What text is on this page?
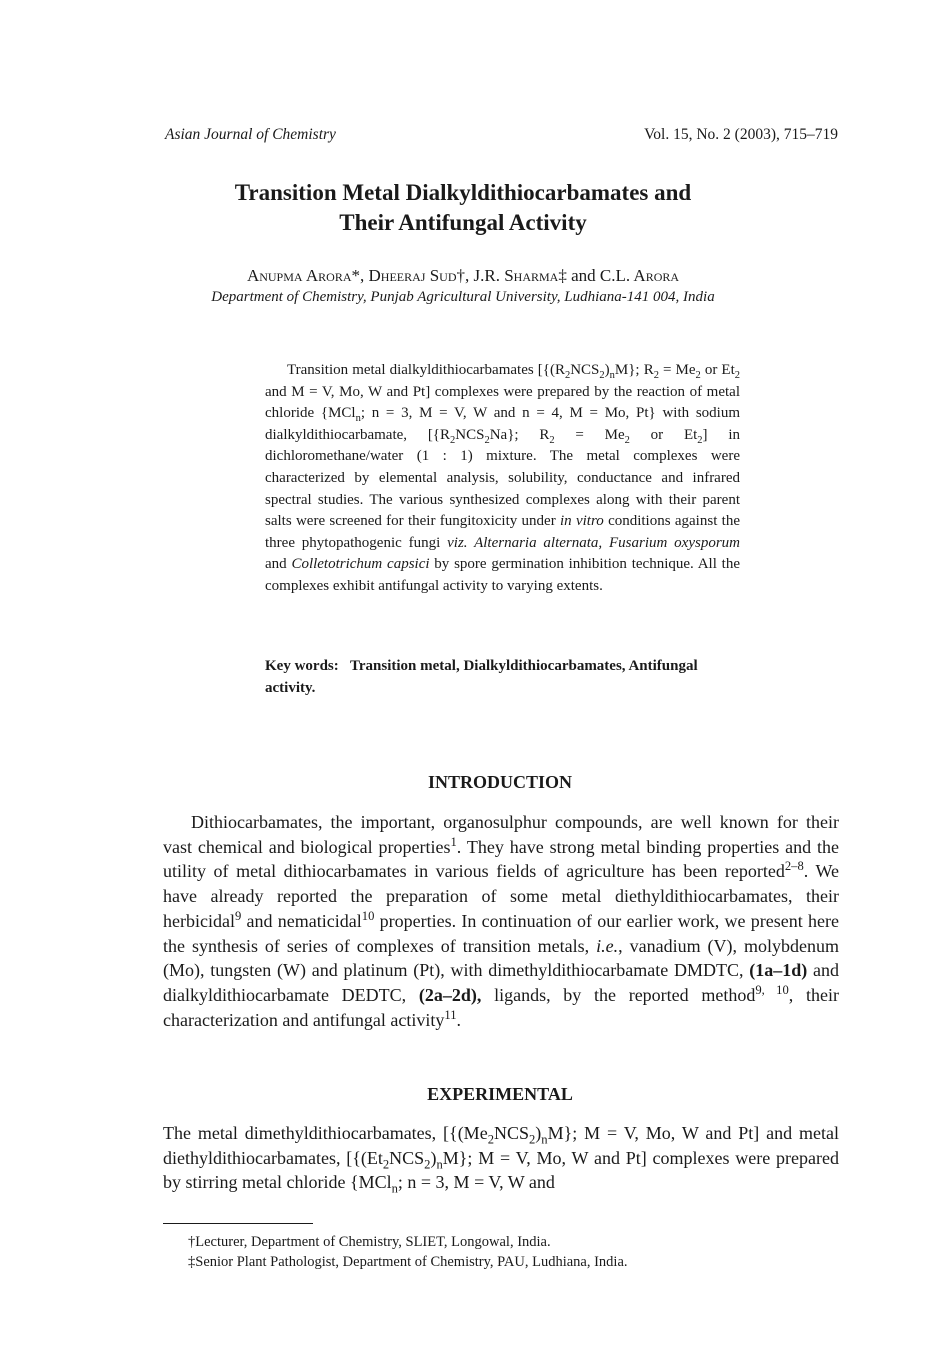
Asian Journal of Chemistry	Vol. 15, No. 2 (2003), 715–719
Transition Metal Dialkyldithiocarbamates and
Their Antifungal Activity
Anupma Arora*, Dheeraj Sud†, J.R. Sharma‡ and C.L. Arora
Department of Chemistry, Punjab Agricultural University, Ludhiana-141 004, India
Transition metal dialkyldithiocarbamates [$\{(R_2NCS_2)_nM\}$; $R_2 = Me_2$ or $Et_2$ and M = V, Mo, W and Pt] complexes were prepared by the reaction of metal chloride {MCl$_n$; n = 3, M = V, W and n = 4, M = Mo, Pt} with sodium dialkyldithiocarbamate, [$\{R_2NCS_2Na\}$; $R_2 = Me_2$ or $Et_2$] in dichloromethane/water (1 : 1) mixture. The metal complexes were characterized by elemental analysis, solubility, conductance and infrared spectral studies. The various synthesized complexes along with their parent salts were screened for their fungitoxicity under in vitro conditions against the three phytopathogenic fungi viz. Alternaria alternata, Fusarium oxysporum and Colletotrichum capsici by spore germination inhibition technique. All the complexes exhibit antifungal activity to varying extents.
Key words: Transition metal, Dialkyldithiocarbamates, Antifungal activity.
INTRODUCTION
Dithiocarbamates, the important, organosulphur compounds, are well known for their vast chemical and biological properties$^1$. They have strong metal binding properties and the utility of metal dithiocarbamates in various fields of agriculture has been reported$^{2-8}$. We have already reported the preparation of some metal diethyldithiocarbamates, their herbicidal$^9$ and nematicidal$^{10}$ properties. In continuation of our earlier work, we present here the synthesis of series of complexes of transition metals, i.e., vanadium (V), molybdenum (Mo), tungsten (W) and platinum (Pt), with dimethyldithiocarbamate DMDTC, (1a–1d) and dialkyldithiocarbamate DEDTC, (2a–2d), ligands, by the reported method$^{9, 10}$, their characterization and antifungal activity$^{11}$.
EXPERIMENTAL
The metal dimethyldithiocarbamates, [$\{(Me_2NCS_2)_nM\}$; M = V, Mo, W and Pt] and metal diethyldithiocarbamates, [$\{(Et_2NCS_2)_nM\}$; M = V, Mo, W and Pt] complexes were prepared by stirring metal chloride {MCl$_n$; n = 3, M = V, W and
†Lecturer, Department of Chemistry, SLIET, Longowal, India.
‡Senior Plant Pathologist, Department of Chemistry, PAU, Ludhiana, India.
